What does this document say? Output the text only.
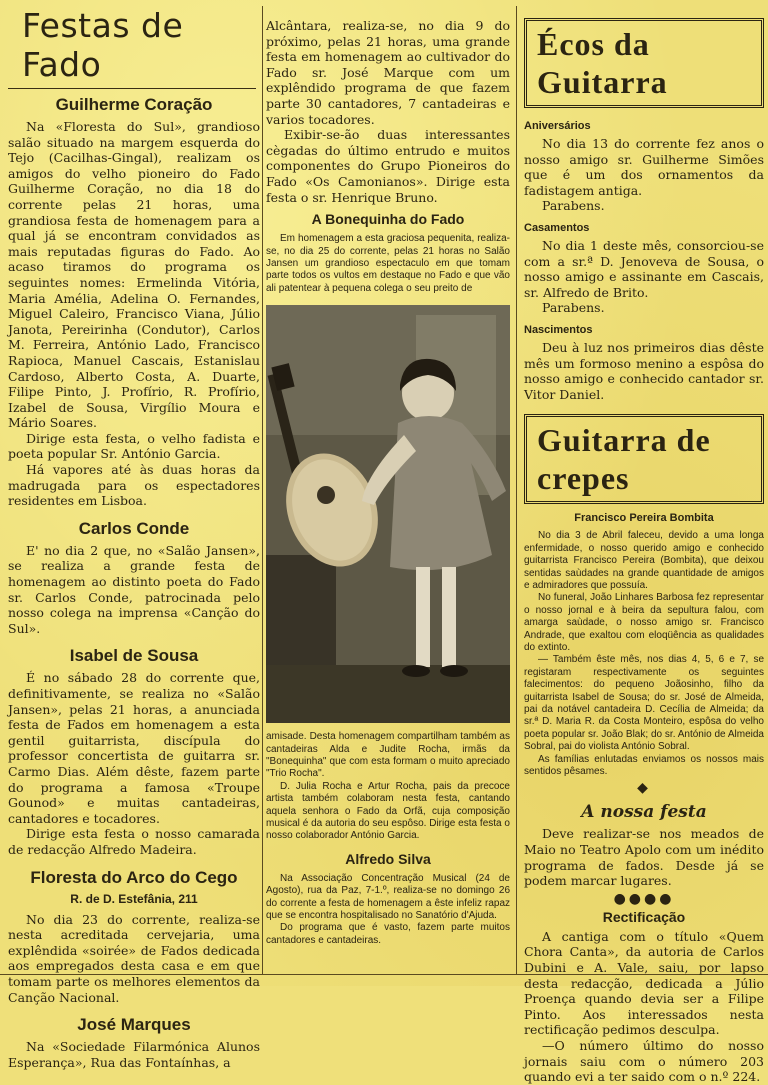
Festas de Fado
Guilherme Coração

Na «Floresta do Sul», grandioso salão situado na margem esquerda do Tejo (Cacilhas-Gingal), realizam os amigos do velho pioneiro do Fado Guilherme Coração, no dia 18 do corrente pelas 21 horas, uma grandiosa festa de homenagem para a qual já se encontram convidados as mais reputadas figuras do Fado. Ao acaso tiramos do programa os seguintes nomes: Ermelinda Vitória, Maria Amélia, Adelina O. Fernandes, Miguel Caleiro, Francisco Viana, Júlio Janota, Pereirinha (Condutor), Carlos M. Ferreira, António Lado, Francisco Rapioca, Manuel Cascais, Estanislau Cardoso, Alberto Costa, A. Duarte, Filipe Pinto, J. Profírio, R. Profírio, Izabel de Sousa, Virgílio Moura e Mário Soares.

Dirige esta festa, o velho fadista e poeta popular Sr. António Garcia.

Há vapores até às duas horas da madrugada para os espectadores residentes em Lisboa.

Carlos Conde

E' no dia 2 que, no «Salão Jansen», se realiza a grande festa de homenagem ao distinto poeta do Fado sr. Carlos Conde, patrocinada pelo nosso colega na imprensa «Canção do Sul».

Isabel de Sousa

É no sábado 28 do corrente que, definitivamente, se realiza no «Salão Jansen», pelas 21 horas, a anunciada festa de Fados em homenagem a esta gentil guitarrista, discípula do professor concertista de guitarra sr. Carmo Dias. Além dêste, fazem parte do programa a famosa «Troupe Gounod» e muitas cantadeiras, cantadores e tocadores.

Dirige esta festa o nosso camarada de redacção Alfredo Madeira.

Floresta do Arco do Cego
R. de D. Estefânia, 211

No dia 23 do corrente, realiza-se nesta acreditada cervejaria, uma explêndida «soirée» de Fados dedicada aos empregados desta casa e em que tomam parte os melhores elementos da Canção Nacional.

José Marques

Na «Sociedade Filarmónica Alunos Esperança», Rua das Fontaínhas, a

Alcântara, realiza-se, no dia 9 do próximo, pelas 21 horas, uma grande festa em homenagem ao cultivador do Fado sr. José Marque com um explêndido programa de que fazem parte 30 cantadores, 7 cantadeiras e varios tocadores.

Exibir-se-ão duas interessantes cègadas do último entrudo e muitos componentes do Grupo Pioneiros do Fado «Os Camonianos». Dirige esta festa o sr. Henrique Bruno.

A Bonequinha do Fado

Em homenagem a esta graciosa pequenita, realiza-se, no dia 25 do corrente, pelas 21 horas no Salão Jansen um grandioso espectaculo em que tomam parte todos os vultos em destaque no Fado e que vão ali patentear à pequena colega o seu preito de

amisade. Desta homenagem compartilham também as cantadeiras Alda e Judite Rocha, irmãs da "Bonequinha" que com esta formam o muito apreciado "Trio Rocha".

D. Julia Rocha e Artur Rocha, pais da precoce artista também colaboram nesta festa, cantando aquela senhora o Fado da Orfã, cuja composição musical é da autoria do seu espôso. Dirige esta festa o nosso colaborador António Garcia.

Alfredo Silva

Na Associação Concentração Musical (24 de Agosto), rua da Paz, 7-1.º, realiza-se no domingo 26 do corrente a festa de homenagem a êste infeliz rapaz que se encontra hospitalisado no Sanatório d'Ajuda.

Do programa que é vasto, fazem parte muitos cantadores e cantadeiras.

Écos da Guitarra
Aniversários

No dia 13 do corrente fez anos o nosso amigo sr. Guilherme Simões que é um dos ornamentos da fadistagem antiga.

Parabens.

Casamentos

No dia 1 deste mês, consorciou-se com a sr.ª D. Jenoveva de Sousa, o nosso amigo e assinante em Cascais, sr. Alfredo de Brito.

Parabens.

Nascimentos

Deu à luz nos primeiros dias dêste mês um formoso menino a espôsa do nosso amigo e conhecido cantador sr. Vitor Daniel.

Guitarra de crepes
Francisco Pereira Bombita

No dia 3 de Abril faleceu, devido a uma longa enfermidade, o nosso querido amigo e conhecido guitarrista Francisco Pereira (Bombita), que deixou sentidas saùdades na grande quantidade de amigos e admiradores que possuía.

No funeral, João Linhares Barbosa fez representar o nosso jornal e à beira da sepultura falou, com amarga saùdade, o nosso amigo sr. Francisco Andrade, que exaltou com eloqüência as qualidades do extinto.

— Também êste mês, nos dias 4, 5, 6 e 7, se registaram respectivamente os seguintes falecimentos: do pequeno Joãosinho, filho da guitarrista Isabel de Sousa; do sr. José de Almeida, pai da notável cantadeira D. Cecília de Almeida; da sr.ª D. Maria R. da Costa Monteiro, espôsa do velho poeta popular sr. João Blak; do sr. António de Almeida Sobral, pai do violista António Sobral.

As famílias enlutadas enviamos os nossos mais sentidos pêsames.

◆
A nossa festa

Deve realizar-se nos meados de Maio no Teatro Apolo com um inédito programa de fados. Desde já se podem marcar lugares.

●●●●
Rectificação

A cantiga com o título «Quem Chora Canta», da autoria de Carlos Dubini e A. Vale, saiu, por lapso desta redacção, dedicada a Júlio Proença quando devia ser a Filipe Pinto. Aos interessados nesta rectificação pedimos desculpa.

—O número último do nosso jornais saiu com o número 203 quando evi a ter saido com o n.º 224.
